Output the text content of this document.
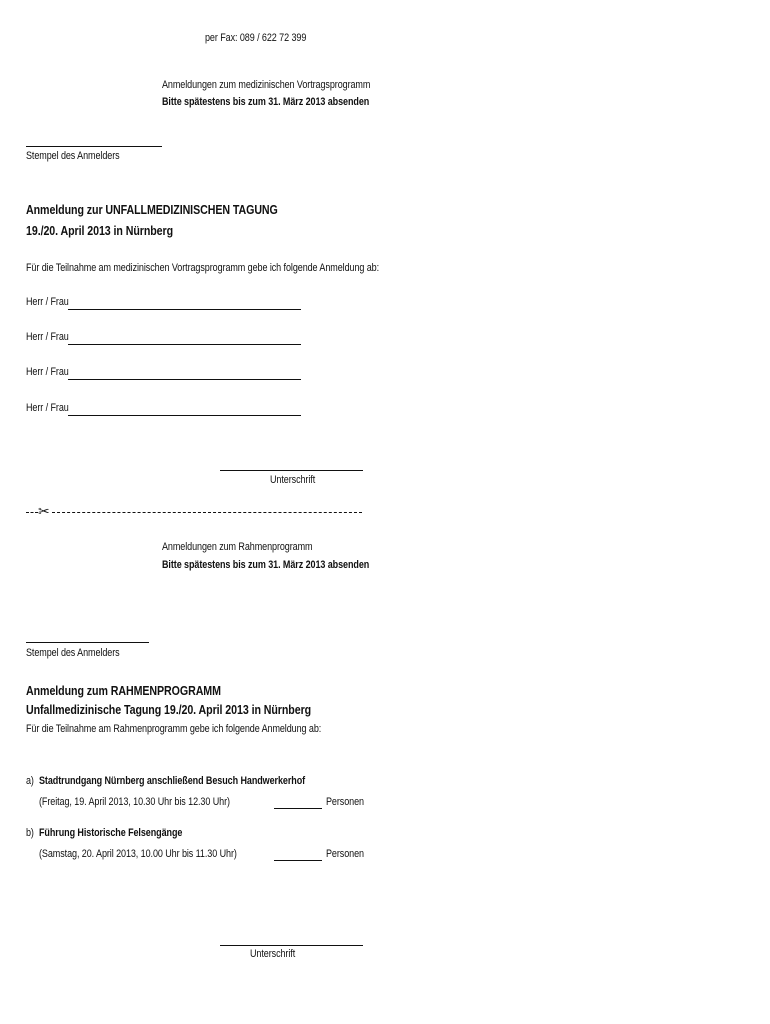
per Fax: 089 / 622 72 399

Anmeldungen zum medizinischen Vortragsprogramm

Bitte spätestens bis zum 31. März 2013 absenden

Stempel des Anmelders

Anmeldung zur UNFALLMEDIZINISCHEN TAGUNG

19./20. April 2013 in Nürnberg

Für die Teilnahme am medizinischen Vortragsprogramm gebe ich folgende Anmeldung ab:

Herr / Frau

Herr / Frau

Herr / Frau

Herr / Frau

Unterschrift

✂

Anmeldungen zum Rahmenprogramm

Bitte spätestens bis zum 31. März 2013 absenden

Stempel des Anmelders

Anmeldung zum RAHMENPROGRAMM

Unfallmedizinische Tagung 19./20. April 2013 in Nürnberg

Für die Teilnahme am Rahmenprogramm gebe ich folgende Anmeldung ab:

a) Stadtrundgang Nürnberg anschließend Besuch Handwerkerhof

(Freitag, 19. April 2013, 10.30 Uhr bis 12.30 Uhr)	Personen

b) Führung Historische Felsengänge

(Samstag, 20. April 2013, 10.00 Uhr bis 11.30 Uhr)	Personen

Unterschrift
